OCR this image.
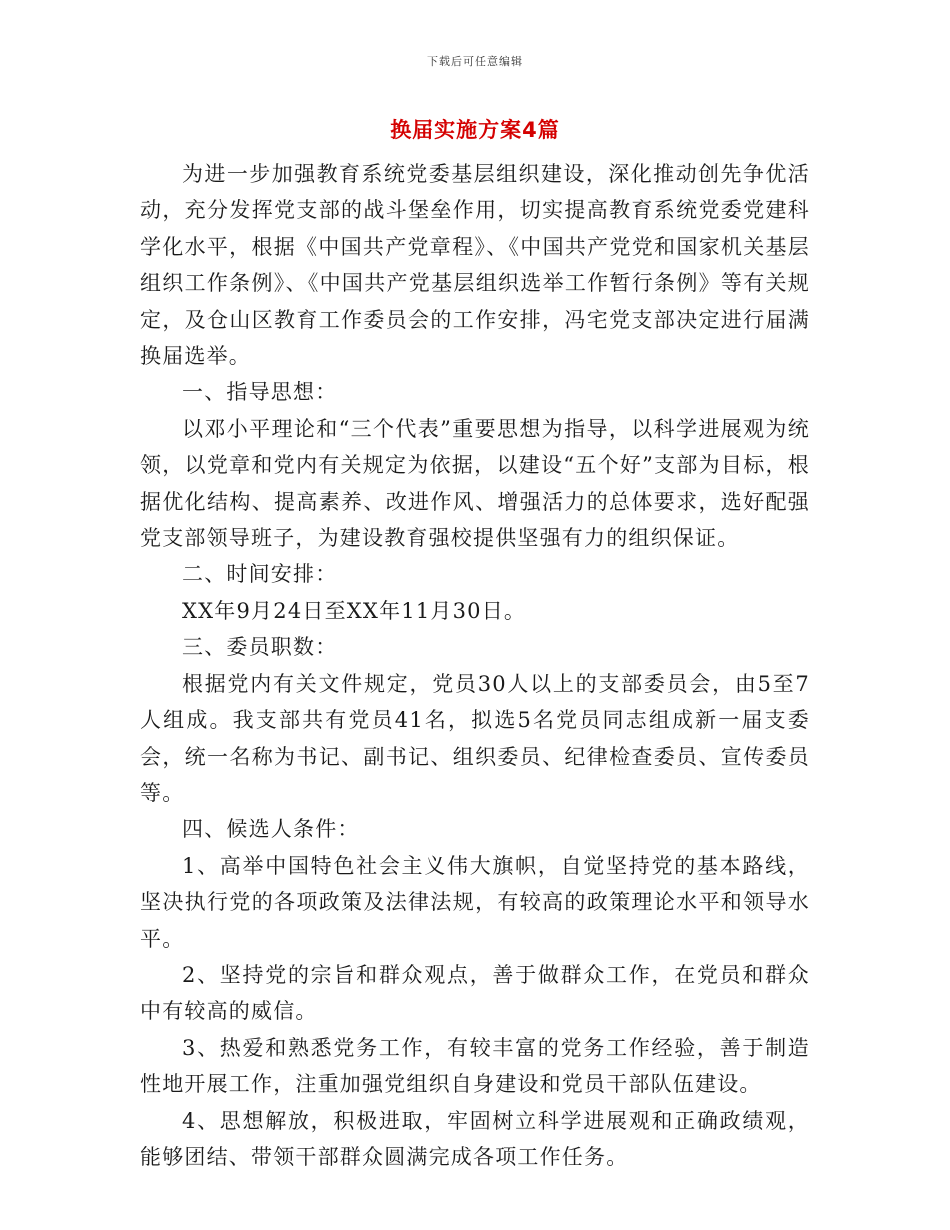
下载后可任意编辑
换届实施方案4篇

为进一步加强教育系统党委基层组织建设，深化推动创先争优活动，充分发挥党支部的战斗堡垒作用，切实提高教育系统党委党建科学化水平，根据《中国共产党章程》、《中国共产党党和国家机关基层组织工作条例》、《中国共产党基层组织选举工作暂行条例》等有关规定，及仓山区教育工作委员会的工作安排，冯宅党支部决定进行届满换届选举。

一、指导思想：

以邓小平理论和“三个代表”重要思想为指导，以科学进展观为统领，以党章和党内有关规定为依据，以建设“五个好”支部为目标，根据优化结构、提高素养、改进作风、增强活力的总体要求，选好配强党支部领导班子，为建设教育强校提供坚强有力的组织保证。

二、时间安排：

XX年9月24日至XX年11月30日。

三、委员职数：

根据党内有关文件规定，党员30人以上的支部委员会，由5至7人组成。我支部共有党员41名，拟选5名党员同志组成新一届支委会，统一名称为书记、副书记、组织委员、纪律检查委员、宣传委员等。

四、候选人条件：

1、高举中国特色社会主义伟大旗帜，自觉坚持党的基本路线，坚决执行党的各项政策及法律法规，有较高的政策理论水平和领导水平。

2、坚持党的宗旨和群众观点，善于做群众工作，在党员和群众中有较高的威信。

3、热爱和熟悉党务工作，有较丰富的党务工作经验，善于制造性地开展工作，注重加强党组织自身建设和党员干部队伍建设。

4、思想解放，积极进取，牢固树立科学进展观和正确政绩观，能够团结、带领干部群众圆满完成各项工作任务。
